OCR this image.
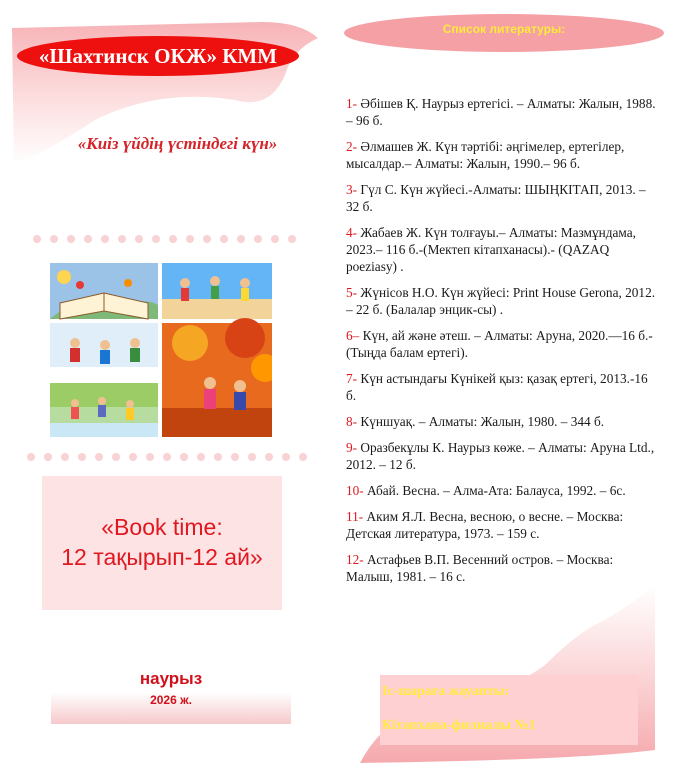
«Шахтинск ОКЖ» КММ
«Киіз үйдің үстіндегі күн»
«Book time:
12 тақырып-12 ай»
наурыз
2026 ж.
Список литературы:
1- Әбішев Қ. Наурыз ертегісі. – Алматы: Жалын, 1988. – 96 б.
2- Әлмашев Ж. Күн тәртібі: әңгімелер, ертегілер, мысалдар.– Алматы: Жалын, 1990.– 96 б.
3- Гүл С. Күн жүйесі.-Алматы: ШЫҢКІТАП, 2013. – 32 б.
4- Жабаев Ж. Күн толғауы.– Алматы: Мазмұндама, 2023.– 116 б.-(Мектеп кітапханасы).- (QAZAQ poeziasy) .
5- Жүнісов Н.О. Күн жүйесі: Print House Gerona, 2012. – 22 б. (Балалар энцик-сы) .
6– Күн, ай және әтеш. – Алматы: Аруна, 2020.—16 б.- (Тыңда балам ертегі).
7- Күн астындағы Күнікей қыз: қазақ ертегі, 2013.-16 б.
8- Күншуақ. – Алматы: Жалын, 1980. – 344 б.
9- Оразбекұлы К. Наурыз көже. – Алматы: Аруна Ltd., 2012. – 12 б.
10- Абай. Весна. – Алма-Ата: Балауса, 1992. – 6с.
11- Аким Я.Л. Весна, весною, о весне. – Москва: Детская литература, 1973. – 159 с.
12- Астафьев В.П. Весенний остров. – Москва: Малыш, 1981. – 16 с.
Іс-шараға жауапты:
Кітапхана-филиалы №1
